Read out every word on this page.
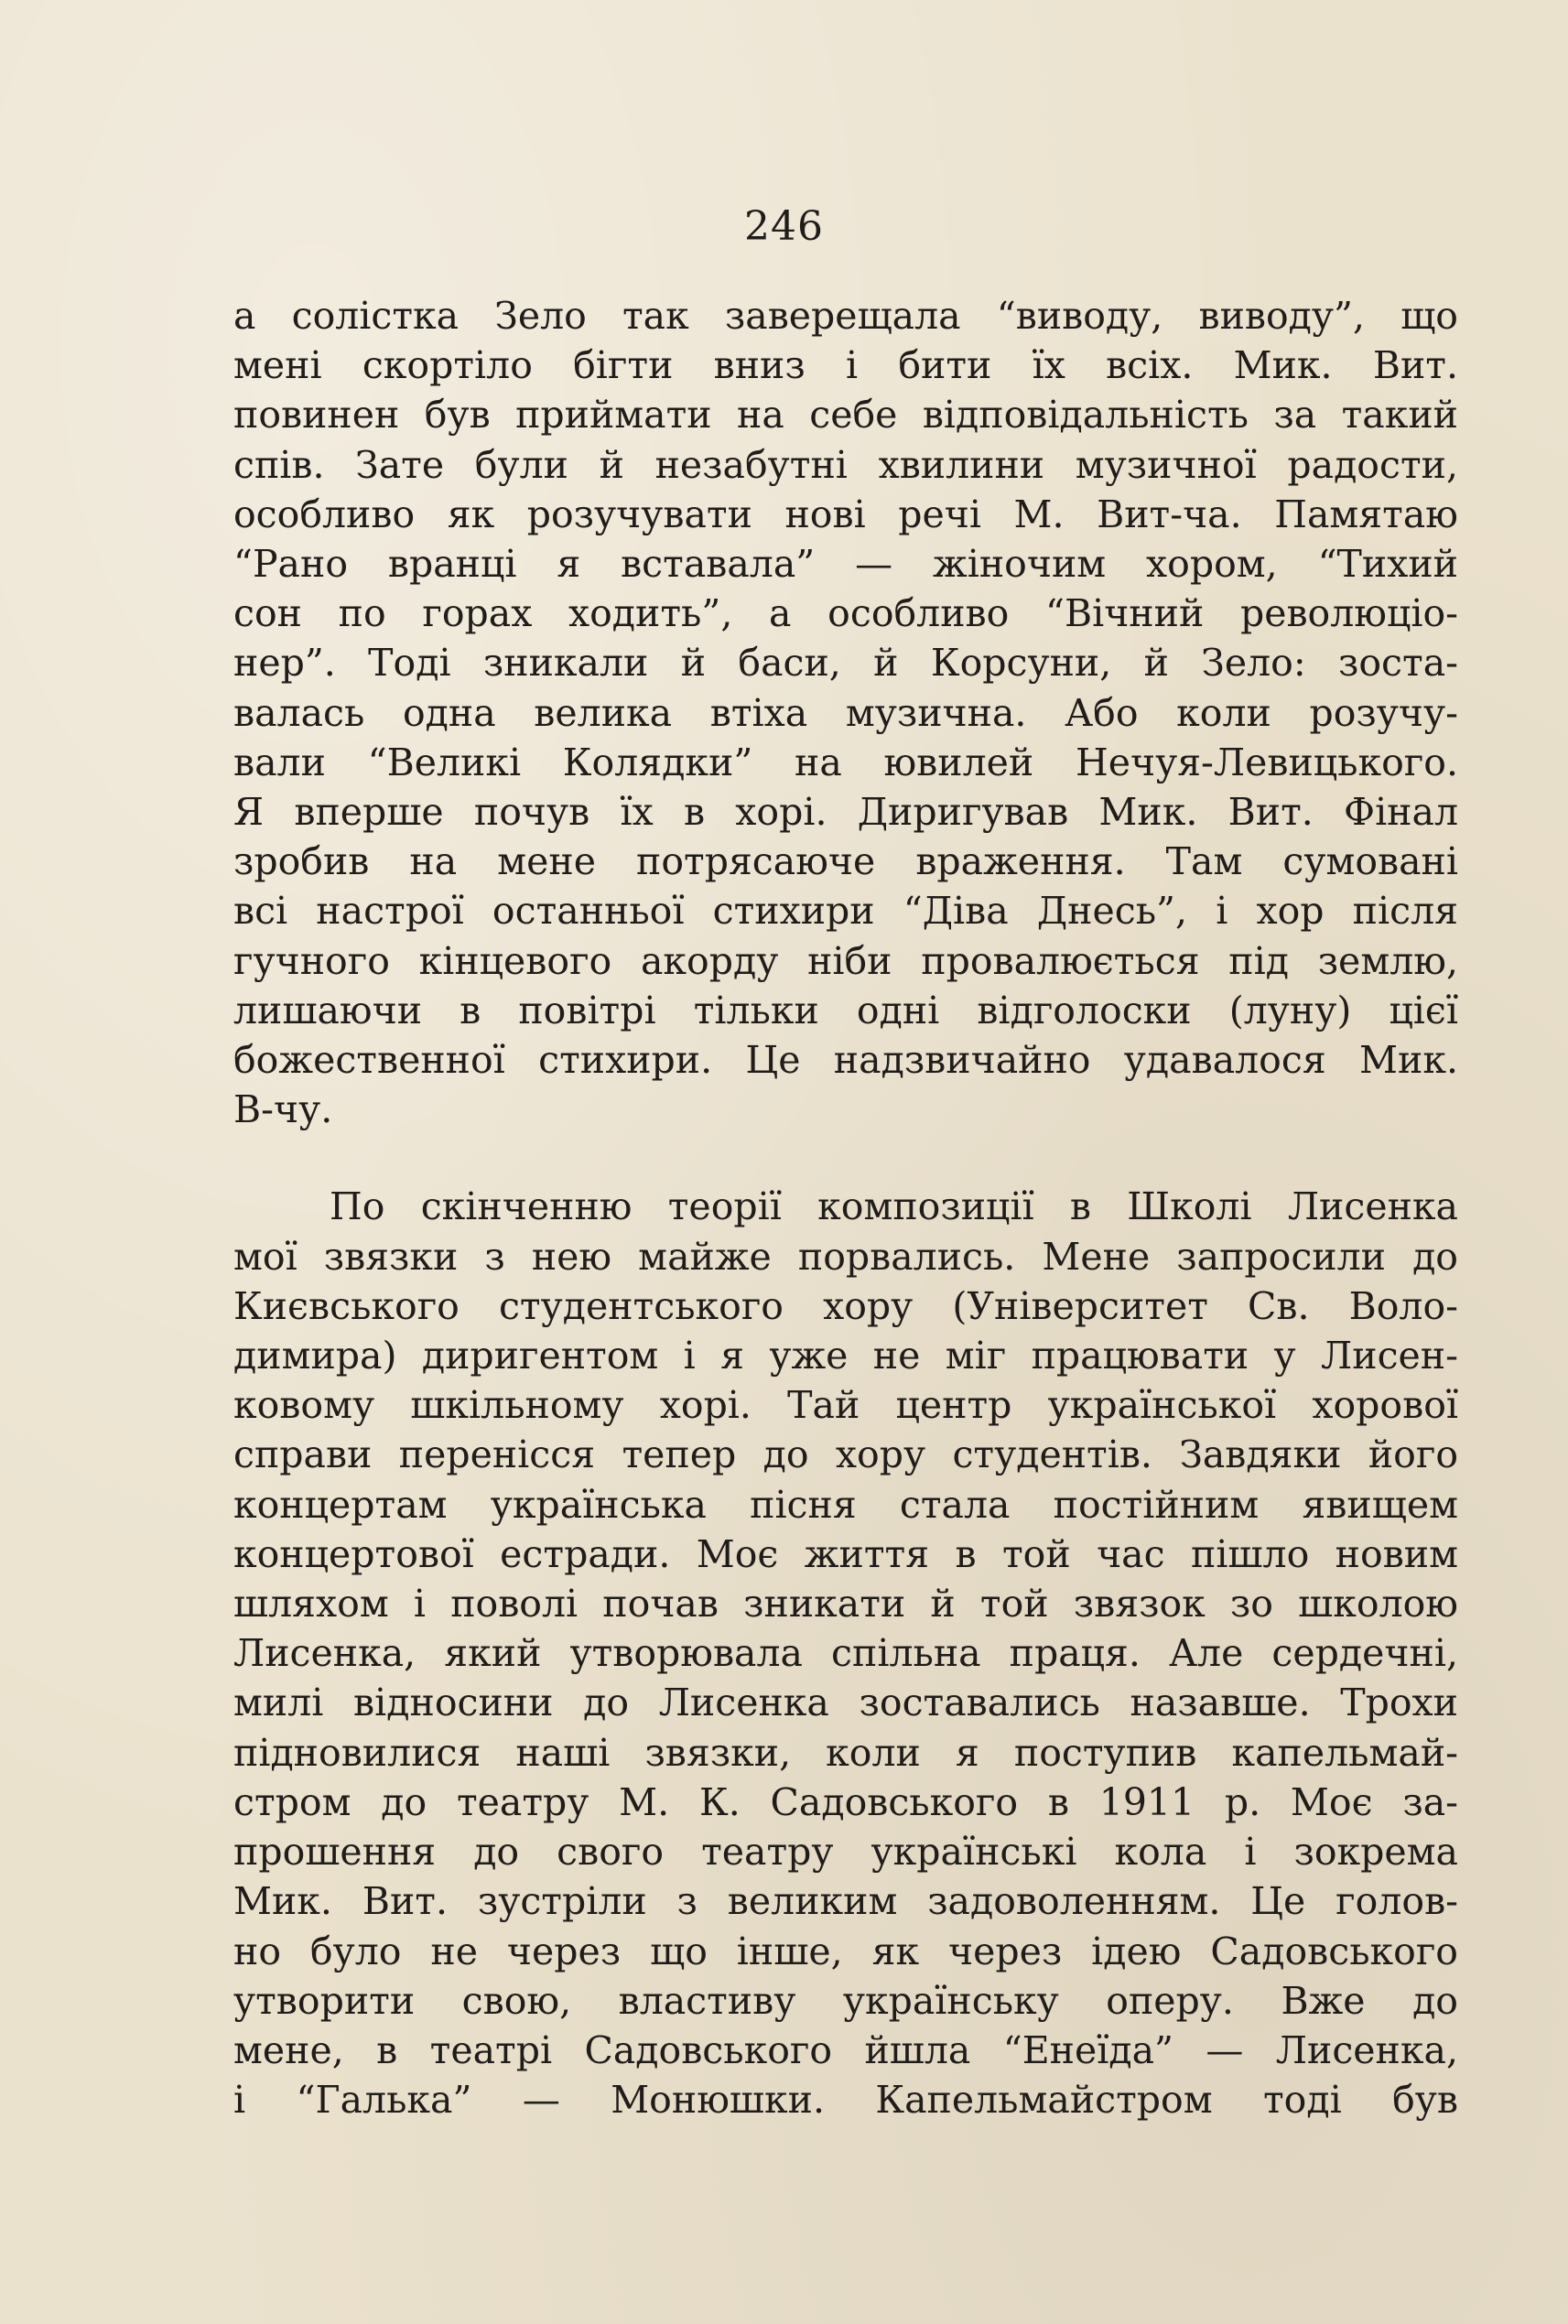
246
а солістка Зело так заверещала “виводу, виводу”, що
мені скортіло бігти вниз і бити їх всіх. Мик. Вит.
повинен був приймати на себе відповідальність за такий
спів. Зате були й незабутні хвилини музичної радости,
особливо як розучувати нові речі М. Вит-ча. Памятаю
“Рано вранці я вставала” — жіночим хором, “Тихий
сон по горах ходить”, а особливо “Вічний революціо-
нер”. Тоді зникали й баси, й Корсуни, й Зело: зоста-
валась одна велика втіха музична. Або коли розучу-
вали “Великі Колядки” на ювилей Нечуя-Левицького.
Я вперше почув їх в хорі. Диригував Мик. Вит. Фінал
зробив на мене потрясаюче враження. Там сумовані
всі настрої останньої стихири “Діва Днесь”, і хор після
гучного кінцевого акорду ніби провалюється під землю,
лишаючи в повітрі тільки одні відголоски (луну) цієї
божественної стихири. Це надзвичайно удавалося Мик.
В-чу.
По скінченню теорії композиції в Школі Лисенка
мої звязки з нею майже порвались. Мене запросили до
Києвського студентського хору (Університет Св. Воло-
димира) диригентом і я уже не міг працювати у Лисен-
ковому шкільному хорі. Тай центр української хорової
справи перенісся тепер до хору студентів. Завдяки його
концертам українська пісня стала постійним явищем
концертової естради. Моє життя в той час пішло новим
шляхом і поволі почав зникати й той звязок зо школою
Лисенка, який утворювала спільна праця. Але сердечні,
милі відносини до Лисенка зоставались назавше. Трохи
підновилися наші звязки, коли я поступив капельмай-
стром до театру М. К. Садовського в 1911 р. Моє за-
прошення до свого театру українські кола і зокрема
Мик. Вит. зустріли з великим задоволенням. Це голов-
но було не через що інше, як через ідею Садовського
утворити свою, властиву українську оперу. Вже до
мене, в театрі Садовського йшла “Енеїда” — Лисенка,
і “Галька” — Монюшки. Капельмайстром тоді був
